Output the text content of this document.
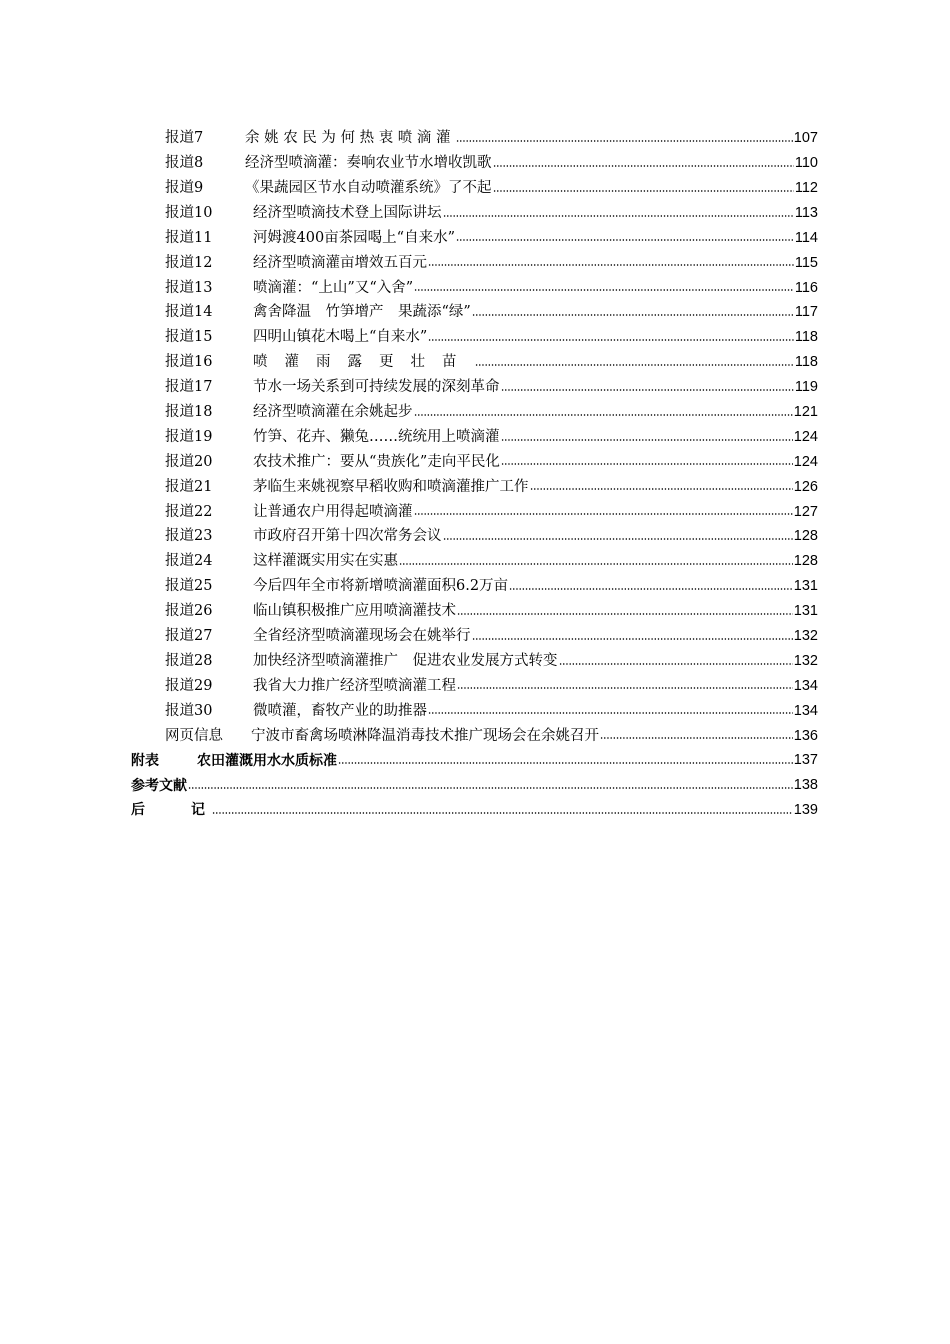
报道7	余姚农民为何热衷喷滴灌	107
报道8	经济型喷滴灌：奏响农业节水增收凯歌	110
报道9	《果蔬园区节水自动喷灌系统》了不起	112
报道10	经济型喷滴技术登上国际讲坛	113
报道11	河姆渡400亩茶园喝上“自来水”	114
报道12	经济型喷滴灌亩增效五百元	115
报道13	喷滴灌：“上山”又“入舍”	116
报道14	禽舍降温　竹笋增产　果蔬添“绿”	117
报道15	四明山镇花木喝上“自来水”	118
报道16	喷灌雨露更壮苗	118
报道17	节水一场关系到可持续发展的深刻革命	119
报道18	经济型喷滴灌在余姚起步	121
报道19	竹笋、花卉、獭兔……统统用上喷滴灌	124
报道20	农技术推广：要从“贵族化”走向平民化	124
报道21	茅临生来姚视察早稻收购和喷滴灌推广工作	126
报道22	让普通农户用得起喷滴灌	127
报道23	市政府召开第十四次常务会议	128
报道24	这样灌溉实用实在实惠	128
报道25	今后四年全市将新增喷滴灌面积6.2万亩	131
报道26	临山镇积极推广应用喷滴灌技术	131
报道27	全省经济型喷滴灌现场会在姚举行	132
报道28	加快经济型喷滴灌推广　促进农业发展方式转变	132
报道29	我省大力推广经济型喷滴灌工程	134
报道30	微喷灌，畜牧产业的助推器	134
网页信息	宁波市畜禽场喷淋降温消毒技术推广现场会在余姚召开	136
附表	农田灌溉用水水质标准	137
参考文献	138
后　　记	139
